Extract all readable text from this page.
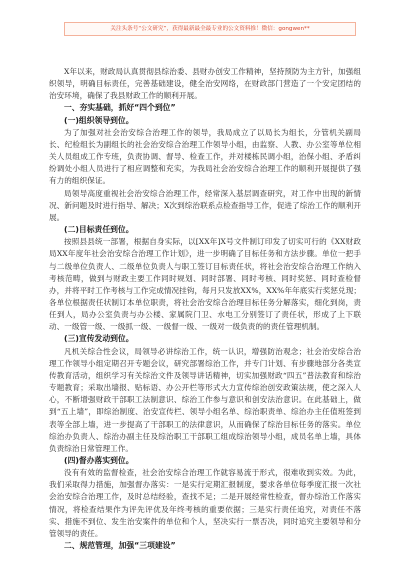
关注头条号“公文研究”，获得最新最全最专业的公文资料推！微信：gongwen**

X年以来，财政局认真贯彻县综治委、县财办创安工作精神，坚持预防为主方针，加强组织领导，明确目标责任，完善基础建设，健全治安网络，在财政部门营造了一个安定团结的治安环境，确保了我县财政工作的顺利开展。

一、夯实基础，抓好“四个到位”

(一)组织领导到位。

为了加强对社会治安综合治理工作的领导，我局成立了以局长为组长，分管机关副局长、纪检组长为副组长的社会治安综合治理工作领导小组，由监察、人教、办公室等单位相关人员组成工作专班，负责协调、督导、检查工作，并对楼栋民调小组，治保小组、矛盾纠纷调处小组人员进行了相应调整和充实，为我局社会治安综合治理工作的顺利开展提供了强有力的组织保证。

局领导高度重视社会治安综合治理工作，经常深入基层调查研究，对工作中出现的新情况、新问题及时进行指导、解决；X次到综治联系点检查指导工作，促进了综治工作的顺利开展。

(二)目标责任到位。

按照县县统一部署，根据自身实际，以[XX年]X号文件制订印发了切实可行的《XX财政局XX年度年社会治安综合治理工作计划》，进一步明确了目标任务和方法步骤。单位一把手与二级单位负责人、二级单位负责人与职工签订目标责任状，将社会治安综合治理工作纳入考核范畴，做到与财政主要工作同时规划、同时部署、同时考核、同时奖惩、同时查检督办，并将平时工作考核与工作完成情况挂钩，每月只发放XX%，XX%年年底实行奖惩兑现；各单位根据责任状制订本单位职责，将社会治安综合治理目标任务分解落实，细化到岗，责任到人，局办公室负责与办公楼、家属院门卫、水电工分别签订了责任状，形成了上下联动、一级管一级、一级抓一级、一级督一级、一级对一级负责的的责任管理机制。

(三)宣传发动到位。

凡机关综合性会议，局领导必讲综治工作，统一认识，增强防治观念；社会治安综合治理工作领导小组定期召开专题会议，研究部署综治工作，并专门计划、有步骤地部分各类宣传教育活动，组织学习有关综治文件及领导讲话精神，切实加强财政“四五”普法教育和综治专题教育；采取出墙报、贴标语、办公开栏等形式大力宣传综治创安政策法规，使之深入人心，不断增强财政干部职工法制意识、综治工作参与意识和创安法治意识。在此基础上，做到“五上墙”，即综治制度、治安宣传栏、领导小组名单、综治职责单、综治办主任值班签到表等全部上墙，进一步提高了干部职工的法律意识，从而确保了综治目标任务的落实。单位综治办负责人、综治办副主任及综治职工干部职工组成综治领导小组，成员名单上墙，具体负责综治日常管理工作。

(四)督办落实到位。

没有有效的监督检查，社会治安综合治理工作就容易流于形式，很难收到实效。为此，我们采取得力措施，加强督办落实：一是实行定期汇报制度，要求各单位每季度汇报一次社会治安综合治理工作，及时总结经验，查找不足；二是开展经常性检查，督办综治工作落实情况，将检查结果作为评先评优及年终考核的重要依据；三是实行责任追究，对责任不落实、措施不到位、发生治安案件的单位和个人，坚决实行一票否决，同时追究主要领导和分管领导的责任。

二、规范管理，加强“三项建设”
